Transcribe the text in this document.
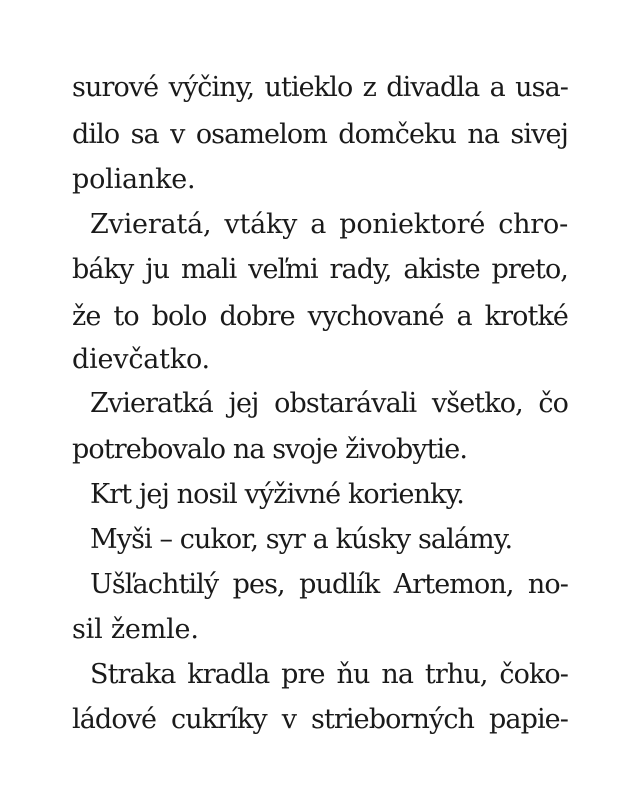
surové výčiny, utieklo z divadla a usa-
dilo sa v osamelom domčeku na sivej
polianke.
Zvieratá, vtáky a poniektoré chro-
báky ju mali veľmi rady, akiste preto,
že to bolo dobre vychované a krotké
dievčatko.
Zvieratká jej obstarávali všetko, čo
potrebovalo na svoje živobytie.
Krt jej nosil výživné korienky.
Myši – cukor, syr a kúsky salámy.
Ušľachtilý pes, pudlík Artemon, no-
sil žemle.
Straka kradla pre ňu na trhu, čoko-
ládové cukríky v strieborných papie-
